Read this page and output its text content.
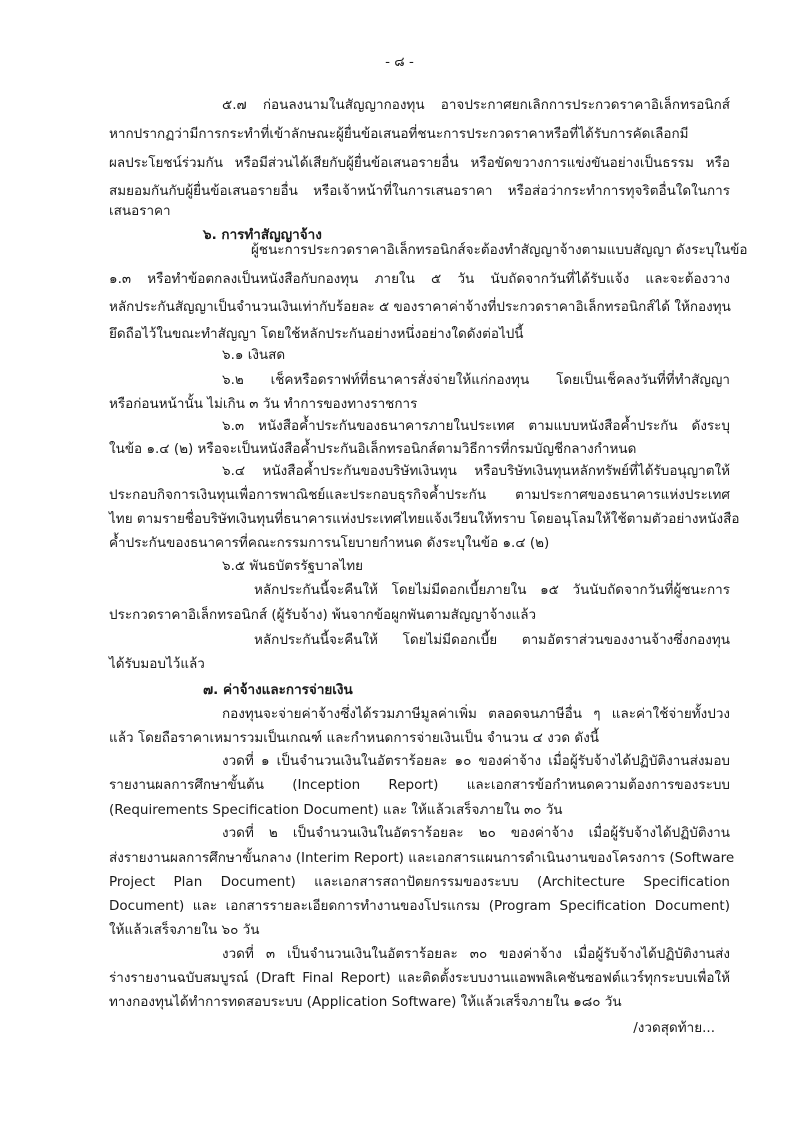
- ๘ -
๕.๗ ก่อนลงนามในสัญญากองทุน อาจประกาศยกเลิกการประกวดราคาอิเล็กทรอนิกส์
หากปรากฏว่ามีการกระทำที่เข้าลักษณะผู้ยื่นข้อเสนอที่ชนะการประกวดราคาหรือที่ได้รับการคัดเลือกมี
ผลประโยชน์ร่วมกัน หรือมีส่วนได้เสียกับผู้ยื่นข้อเสนอรายอื่น หรือขัดขวางการแข่งขันอย่างเป็นธรรม หรือ
สมยอมกันกับผู้ยื่นข้อเสนอรายอื่น หรือเจ้าหน้าที่ในการเสนอราคา หรือส่อว่ากระทำการทุจริตอื่นใดในการ
เสนอราคา
๖. การทำสัญญาจ้าง
ผู้ชนะการประกวดราคาอิเล็กทรอนิกส์จะต้องทำสัญญาจ้างตามแบบสัญญา ดังระบุในข้อ
๑.๓ หรือทำข้อตกลงเป็นหนังสือกับกองทุน ภายใน ๕ วัน นับถัดจากวันที่ได้รับแจ้ง และจะต้องวาง
หลักประกันสัญญาเป็นจำนวนเงินเท่ากับร้อยละ ๕ ของราคาค่าจ้างที่ประกวดราคาอิเล็กทรอนิกส์ได้ ให้กองทุน
ยึดถือไว้ในขณะทำสัญญา โดยใช้หลักประกันอย่างหนึ่งอย่างใดดังต่อไปนี้
๖.๑ เงินสด
๖.๒ เช็คหรือดราฟท์ที่ธนาคารสั่งจ่ายให้แก่กองทุน โดยเป็นเช็คลงวันที่ที่ทำสัญญา
หรือก่อนหน้านั้น ไม่เกิน ๓ วัน ทำการของทางราชการ
๖.๓ หนังสือค้ำประกันของธนาคารภายในประเทศ ตามแบบหนังสือค้ำประกัน ดังระบุ
ในข้อ ๑.๔ (๒) หรือจะเป็นหนังสือค้ำประกันอิเล็กทรอนิกส์ตามวิธีการที่กรมบัญชีกลางกำหนด
๖.๔ หนังสือค้ำประกันของบริษัทเงินทุน หรือบริษัทเงินทุนหลักทรัพย์ที่ได้รับอนุญาตให้
ประกอบกิจการเงินทุนเพื่อการพาณิชย์และประกอบธุรกิจค้ำประกัน ตามประกาศของธนาคารแห่งประเทศ
ไทย ตามรายชื่อบริษัทเงินทุนที่ธนาคารแห่งประเทศไทยแจ้งเวียนให้ทราบ โดยอนุโลมให้ใช้ตามตัวอย่างหนังสือ
ค้ำประกันของธนาคารที่คณะกรรมการนโยบายกำหนด ดังระบุในข้อ ๑.๔ (๒)
๖.๕ พันธบัตรรัฐบาลไทย
หลักประกันนี้จะคืนให้ โดยไม่มีดอกเบี้ยภายใน ๑๕ วันนับถัดจากวันที่ผู้ชนะการ
ประกวดราคาอิเล็กทรอนิกส์ (ผู้รับจ้าง) พ้นจากข้อผูกพันตามสัญญาจ้างแล้ว
หลักประกันนี้จะคืนให้ โดยไม่มีดอกเบี้ย ตามอัตราส่วนของงานจ้างซึ่งกองทุน
ได้รับมอบไว้แล้ว
๗. ค่าจ้างและการจ่ายเงิน
กองทุนจะจ่ายค่าจ้างซึ่งได้รวมภาษีมูลค่าเพิ่ม ตลอดจนภาษีอื่น ๆ และค่าใช้จ่ายทั้งปวง
แล้ว โดยถือราคาเหมารวมเป็นเกณฑ์ และกำหนดการจ่ายเงินเป็น จำนวน ๔ งวด ดังนี้
งวดที่ ๑ เป็นจำนวนเงินในอัตราร้อยละ ๑๐ ของค่าจ้าง เมื่อผู้รับจ้างได้ปฏิบัติงานส่งมอบ
รายงานผลการศึกษาขั้นต้น (Inception Report) และเอกสารข้อกำหนดความต้องการของระบบ
(Requirements Specification Document) และ ให้แล้วเสร็จภายใน ๓๐ วัน
งวดที่ ๒ เป็นจำนวนเงินในอัตราร้อยละ ๒๐ ของค่าจ้าง เมื่อผู้รับจ้างได้ปฏิบัติงาน
ส่งรายงานผลการศึกษาขั้นกลาง (Interim Report) และเอกสารแผนการดำเนินงานของโครงการ (Software
Project Plan Document) และเอกสารสถาปัตยกรรมของระบบ (Architecture Specification
Document) และ เอกสารรายละเอียดการทำงานของโปรแกรม (Program Specification Document)
ให้แล้วเสร็จภายใน ๖๐ วัน
งวดที่ ๓ เป็นจำนวนเงินในอัตราร้อยละ ๓๐ ของค่าจ้าง เมื่อผู้รับจ้างได้ปฏิบัติงานส่ง
ร่างรายงานฉบับสมบูรณ์ (Draft Final Report) และติดตั้งระบบงานแอพพลิเคชันซอฟต์แวร์ทุกระบบเพื่อให้
ทางกองทุนได้ทำการทดสอบระบบ (Application Software) ให้แล้วเสร็จภายใน ๑๘๐ วัน
/งวดสุดท้าย...
